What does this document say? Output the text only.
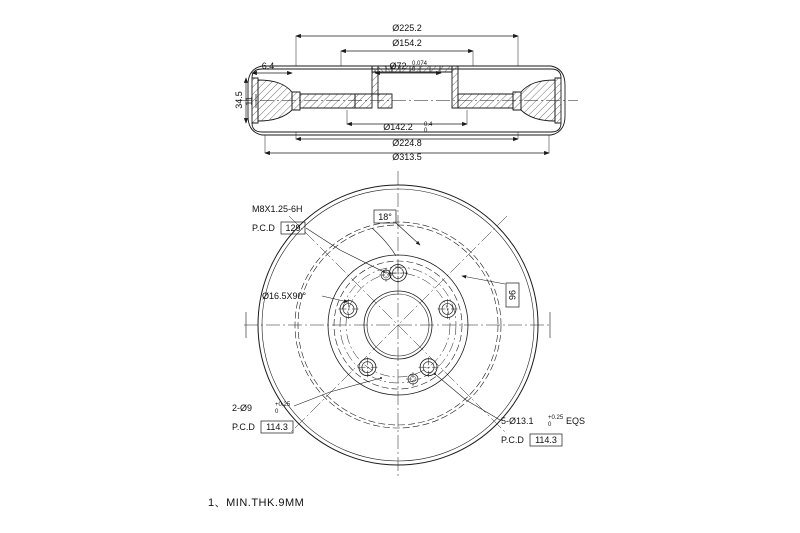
Ø225.2
Ø154.2
Ø72 0.074
0
6.4
34.5 11
Ø142.2 0.4
0
Ø224.8
Ø313.5
M8X1.25-6H
P.C.D 129
18°
Ø16.5X90°	96
2-Ø9	+0.25
0
P.C.D 114.3
5-Ø13.1 +0.25
0 EQS
P.C.D 114.3
1、MIN.THK.9MM
